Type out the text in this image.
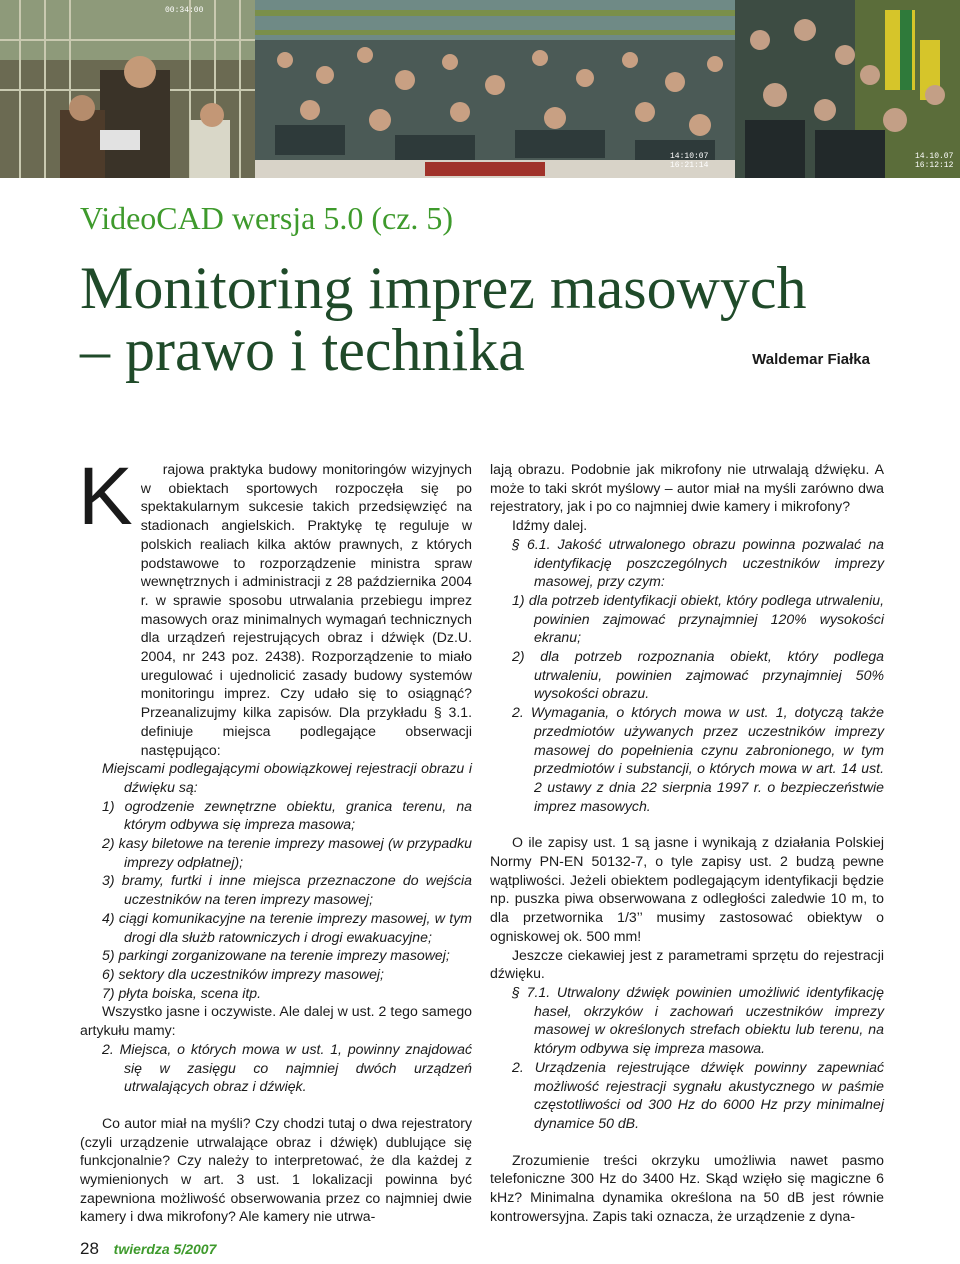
00:34:00
14:10:07
16:21:14
14.10.07
16:12:12
VideoCAD wersja 5.0 (cz. 5)
Monitoring imprez masowych
– prawo i technika	Waldemar Fiałka
K	rajowa praktyka budowy monitoringów wizyjnych w obiektach sportowych rozpoczęła się po spektakularnym sukcesie takich przedsięwzięć na stadionach angielskich. Praktykę tę reguluje w polskich realiach kilka aktów prawnych, z których podstawowe to rozporządzenie ministra spraw wewnętrznych i administracji z 28 października 2004 r. w sprawie sposobu utrwalania przebiegu imprez masowych oraz minimalnych wymagań technicznych dla urządzeń rejestrujących obraz i dźwięk (Dz.U. 2004, nr 243 poz. 2438). Rozporządzenie to miało uregulować i ujednolicić zasady budowy systemów monitoringu imprez. Czy udało się to osiągnąć? Przeanalizujmy kilka zapisów. Dla przykładu § 3.1. definiuje miejsca podlegające obserwacji następująco:

Miejscami podlegającymi obowiązkowej rejestracji obrazu i dźwięku są:

1) ogrodzenie zewnętrzne obiektu, granica terenu, na którym odbywa się impreza masowa;

2) kasy biletowe na terenie imprezy masowej (w przypadku imprezy odpłatnej);

3) bramy, furtki i inne miejsca przeznaczone do wejścia uczestników na teren imprezy masowej;

4) ciągi komunikacyjne na terenie imprezy masowej, w tym drogi dla służb ratowniczych i drogi ewakuacyjne;

5) parkingi zorganizowane na terenie imprezy masowej;

6) sektory dla uczestników imprezy masowej;

7) płyta boiska, scena itp.

Wszystko jasne i oczywiste. Ale dalej w ust. 2 tego samego artykułu mamy:

2. Miejsca, o których mowa w ust. 1, powinny znajdować się w zasięgu co najmniej dwóch urządzeń utrwalających obraz i dźwięk.

Co autor miał na myśli? Czy chodzi tutaj o dwa rejestratory (czyli urządzenie utrwalające obraz i dźwięk) dublujące się funkcjonalnie? Czy należy to interpretować, że dla każdej z wymienionych w art. 3 ust. 1 lokalizacji powinna być zapewniona możliwość obserwowania przez co najmniej dwie kamery i dwa mikrofony? Ale kamery nie utrwa-

lają obrazu. Podobnie jak mikrofony nie utrwalają dźwięku. A może to taki skrót myślowy – autor miał na myśli zarówno dwa rejestratory, jak i po co najmniej dwie kamery i mikrofony?

Idźmy dalej.

§ 6.1. Jakość utrwalonego obrazu powinna pozwalać na identyfikację poszczególnych uczestników imprezy masowej, przy czym:

1) dla potrzeb identyfikacji obiekt, który podlega utrwaleniu, powinien zajmować przynajmniej 120% wysokości ekranu;

2) dla potrzeb rozpoznania obiekt, który podlega utrwaleniu, powinien zajmować przynajmniej 50% wysokości obrazu.

2. Wymagania, o których mowa w ust. 1, dotyczą także przedmiotów używanych przez uczestników imprezy masowej do popełnienia czynu zabronionego, w tym przedmiotów i substancji, o których mowa w art. 14 ust. 2 ustawy z dnia 22 sierpnia 1997 r. o bezpieczeństwie imprez masowych.

O ile zapisy ust. 1 są jasne i wynikają z działania Polskiej Normy PN-EN 50132-7, o tyle zapisy ust. 2 budzą pewne wątpliwości. Jeżeli obiektem podlegającym identyfikacji będzie np. puszka piwa obserwowana z odległości zaledwie 10 m, to dla przetwornika 1/3’’ musimy zastosować obiektyw o ogniskowej ok. 500 mm!

Jeszcze ciekawiej jest z parametrami sprzętu do rejestracji dźwięku.

§ 7.1. Utrwalony dźwięk powinien umożliwić identyfikację haseł, okrzyków i zachowań uczestników imprezy masowej w określonych strefach obiektu lub terenu, na którym odbywa się impreza masowa.

2. Urządzenia rejestrujące dźwięk powinny zapewniać możliwość rejestracji sygnału akustycznego w paśmie częstotliwości od 300 Hz do 6000 Hz przy minimalnej dynamice 50 dB.

Zrozumienie treści okrzyku umożliwia nawet pasmo telefoniczne 300 Hz do 3400 Hz. Skąd wzięło się magiczne 6 kHz? Minimalna dynamika określona na 50 dB jest równie kontrowersyjna. Zapis taki oznacza, że urządzenie z dyna-

28 twierdza 5/2007
